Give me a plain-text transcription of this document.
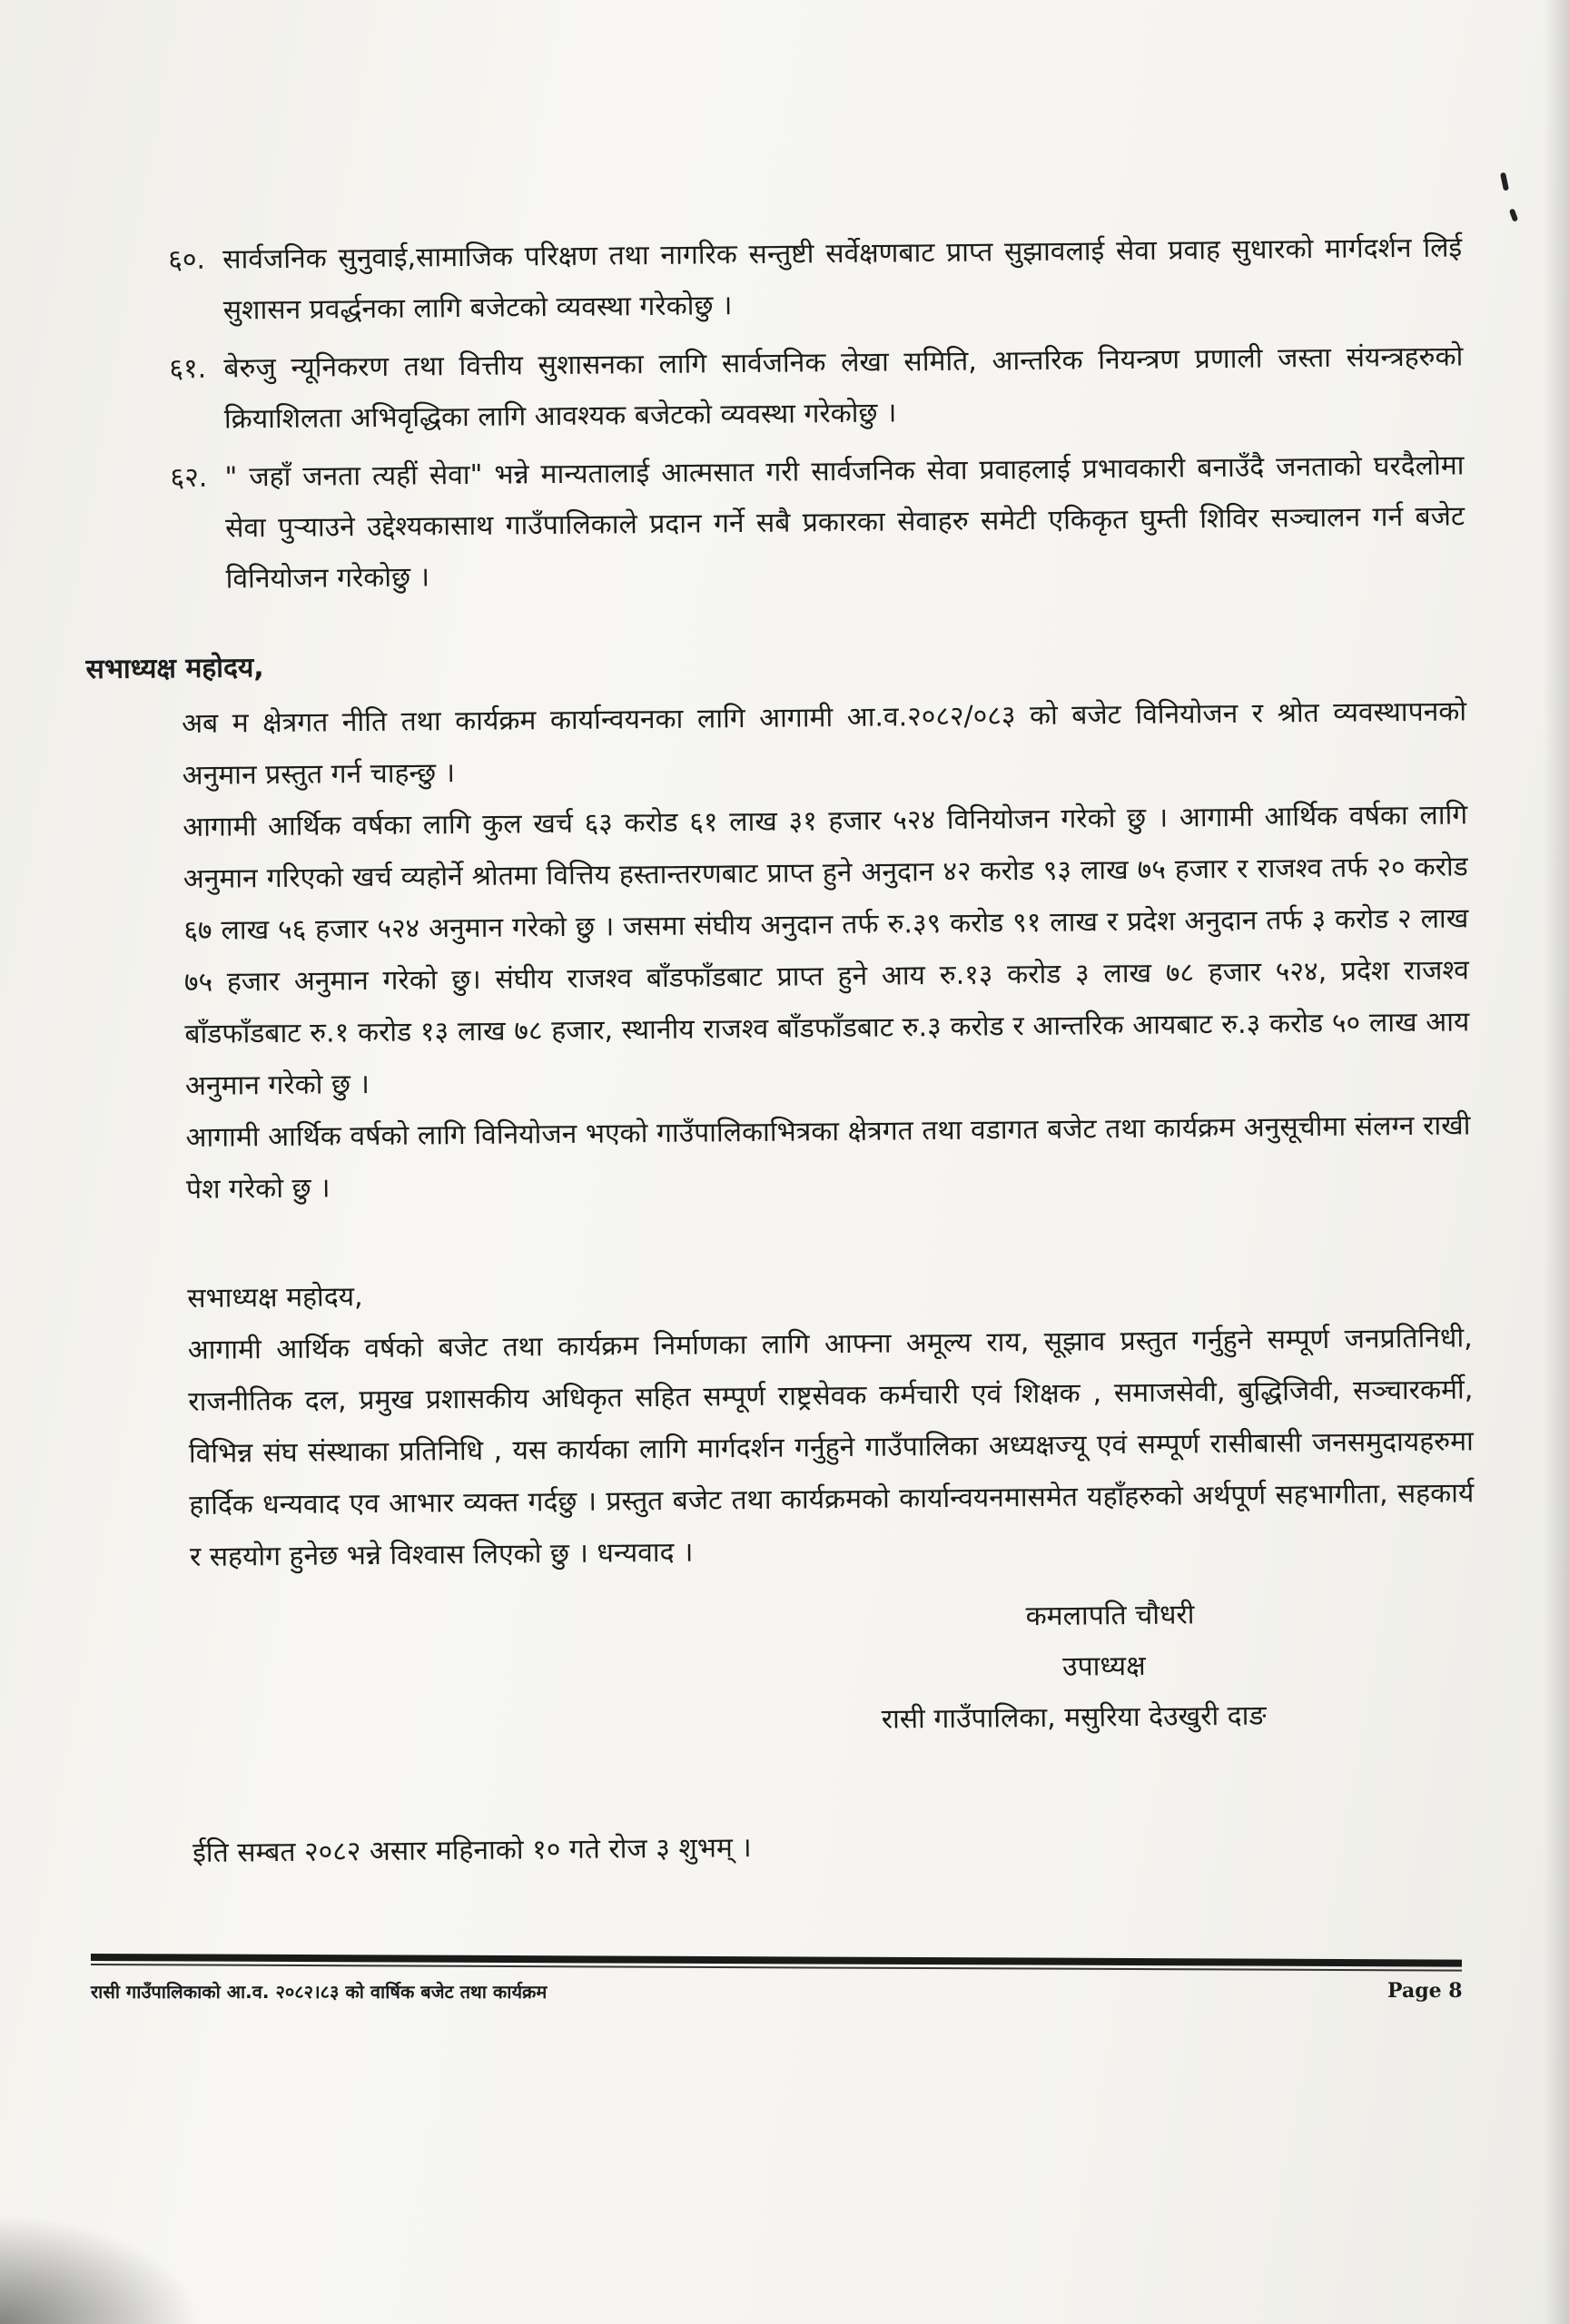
६०. सार्वजनिक सुनुवाई,सामाजिक परिक्षण तथा नागरिक सन्तुष्टी सर्वेक्षणबाट प्राप्त सुझावलाई सेवा प्रवाह सुधारको मार्गदर्शन लिई सुशासन प्रवर्द्धनका लागि बजेटको व्यवस्था गरेकोछु ।
६१. बेरुजु न्यूनिकरण तथा वित्तीय सुशासनका लागि सार्वजनिक लेखा समिति, आन्तरिक नियन्त्रण प्रणाली जस्ता संयन्त्रहरुको क्रियाशिलता अभिवृद्धिका लागि आवश्यक बजेटको व्यवस्था गरेकोछु ।
६२. " जहाँ जनता त्यहीं सेवा" भन्ने मान्यतालाई आत्मसात गरी सार्वजनिक सेवा प्रवाहलाई प्रभावकारी बनाउँदै जनताको घरदैलोमा सेवा पुऱ्याउने उद्देश्यकासाथ गाउँपालिकाले प्रदान गर्ने सबै प्रकारका सेवाहरु समेटी एकिकृत घुम्ती शिविर सञ्चालन गर्न बजेट विनियोजन गरेकोछु ।
सभाध्यक्ष महोदय,

अब म क्षेत्रगत नीति तथा कार्यक्रम कार्यान्वयनका लागि आगामी आ.व.२०८२/०८३ को बजेट विनियोजन र श्रोत व्यवस्थापनको अनुमान प्रस्तुत गर्न चाहन्छु ।

आगामी आर्थिक वर्षका लागि कुल खर्च ६३ करोड ६१ लाख ३१ हजार ५२४ विनियोजन गरेको छु । आगामी आर्थिक वर्षका लागि अनुमान गरिएको खर्च व्यहोर्ने श्रोतमा वित्तिय हस्तान्तरणबाट प्राप्त हुने अनुदान ४२ करोड ९३ लाख ७५ हजार र राजश्व तर्फ २० करोड ६७ लाख ५६ हजार ५२४ अनुमान गरेको छु । जसमा संघीय अनुदान तर्फ रु.३९ करोड ९१ लाख र प्रदेश अनुदान तर्फ ३ करोड २ लाख ७५ हजार अनुमान गरेको छु। संघीय राजश्व बाँडफाँडबाट प्राप्त हुने आय रु.१३ करोड ३ लाख ७८ हजार ५२४, प्रदेश राजश्व बाँडफाँडबाट रु.१ करोड १३ लाख ७८ हजार, स्थानीय राजश्व बाँडफाँडबाट रु.३ करोड र आन्तरिक आयबाट रु.३ करोड ५० लाख आय अनुमान गरेको छु ।

आगामी आर्थिक वर्षको लागि विनियोजन भएको गाउँपालिकाभित्रका क्षेत्रगत तथा वडागत बजेट तथा कार्यक्रम अनुसूचीमा संलग्न राखी पेश गरेको छु ।

सभाध्यक्ष महोदय,

आगामी आर्थिक वर्षको बजेट तथा कार्यक्रम निर्माणका लागि आफ्ना अमूल्य राय, सूझाव प्रस्तुत गर्नुहुने सम्पूर्ण जनप्रतिनिधी, राजनीतिक दल, प्रमुख प्रशासकीय अधिकृत सहित सम्पूर्ण राष्ट्रसेवक कर्मचारी एवं शिक्षक , समाजसेवी, बुद्धिजिवी, सञ्चारकर्मी, विभिन्न संघ संस्थाका प्रतिनिधि , यस कार्यका लागि मार्गदर्शन गर्नुहुने गाउँपालिका अध्यक्षज्यू एवं सम्पूर्ण रासीबासी जनसमुदायहरुमा हार्दिक धन्यवाद एव आभार व्यक्त गर्दछु । प्रस्तुत बजेट तथा कार्यक्रमको कार्यान्वयनमासमेत यहाँहरुको अर्थपूर्ण सहभागीता, सहकार्य र सहयोग हुनेछ भन्ने विश्वास लिएको छु । धन्यवाद ।

कमलापति चौधरी
उपाध्यक्ष
रासी गाउँपालिका, मसुरिया देउखुरी दाङ
ईति सम्बत २०८२ असार महिनाको १० गते रोज ३ शुभम् ।
रासी गाउँपालिकाको आ.व. २०८२।८३ को वार्षिक बजेट तथा कार्यक्रम	Page 8
